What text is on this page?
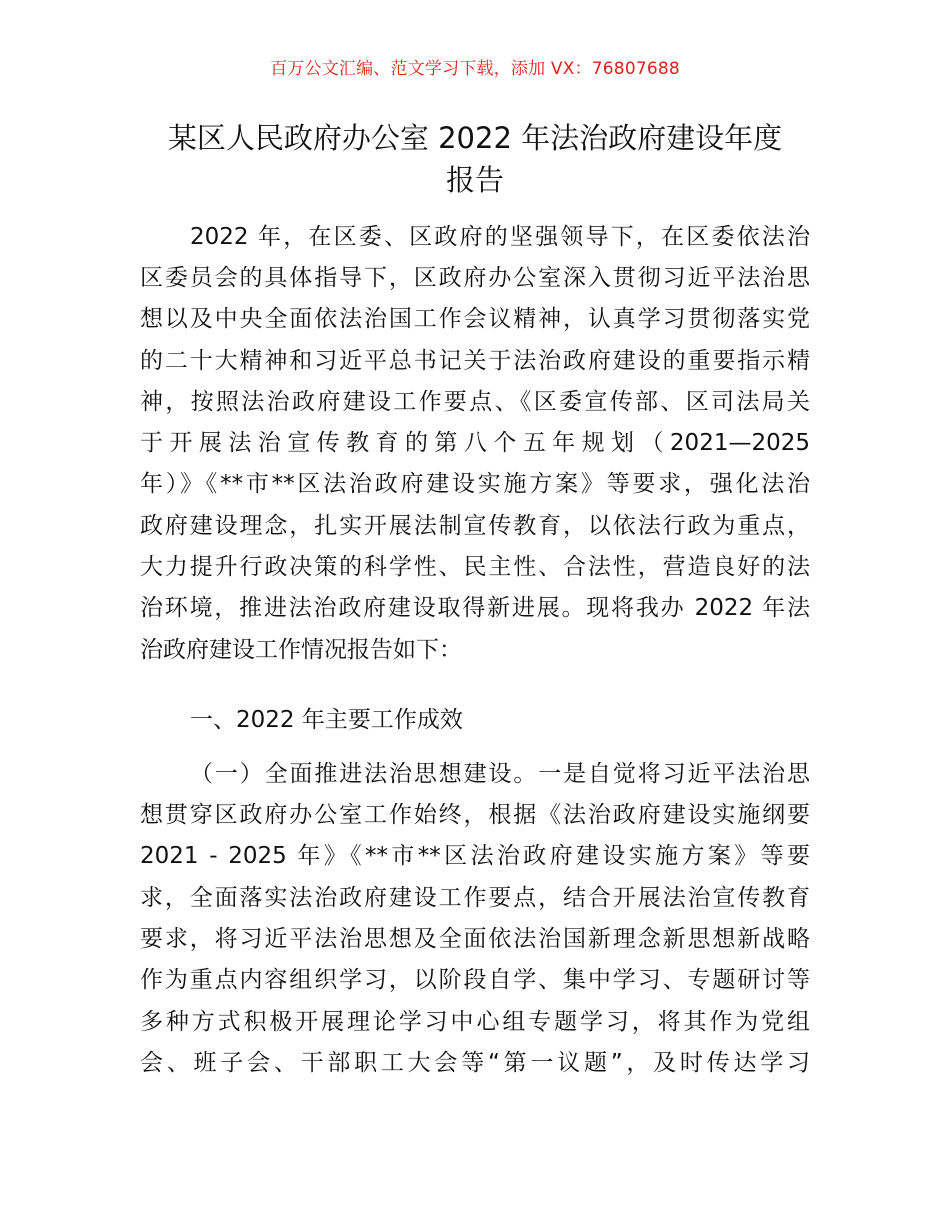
百万公文汇编、范文学习下载，添加 VX：76807688
某区人民政府办公室 2022 年法治政府建设年度
报告
2022 年，在区委、区政府的坚强领导下，在区委依法治
区委员会的具体指导下，区政府办公室深入贯彻习近平法治思
想以及中央全面依法治国工作会议精神，认真学习贯彻落实党
的二十大精神和习近平总书记关于法治政府建设的重要指示精
神，按照法治政府建设工作要点、《区委宣传部、区司法局关
于开展法治宣传教育的第八个五年规划（2021—2025
年）》《**市**区法治政府建设实施方案》等要求，强化法治
政府建设理念，扎实开展法制宣传教育，以依法行政为重点，
大力提升行政决策的科学性、民主性、合法性，营造良好的法
治环境，推进法治政府建设取得新进展。现将我办 2022 年法
治政府建设工作情况报告如下：
一、2022 年主要工作成效
（一）全面推进法治思想建设。一是自觉将习近平法治思
想贯穿区政府办公室工作始终，根据《法治政府建设实施纲要
2021 - 2025 年》《**市**区法治政府建设实施方案》等要
求，全面落实法治政府建设工作要点，结合开展法治宣传教育
要求，将习近平法治思想及全面依法治国新理念新思想新战略
作为重点内容组织学习，以阶段自学、集中学习、专题研讨等
多种方式积极开展理论学习中心组专题学习，将其作为党组
会、班子会、干部职工大会等“第一议题”，及时传达学习
